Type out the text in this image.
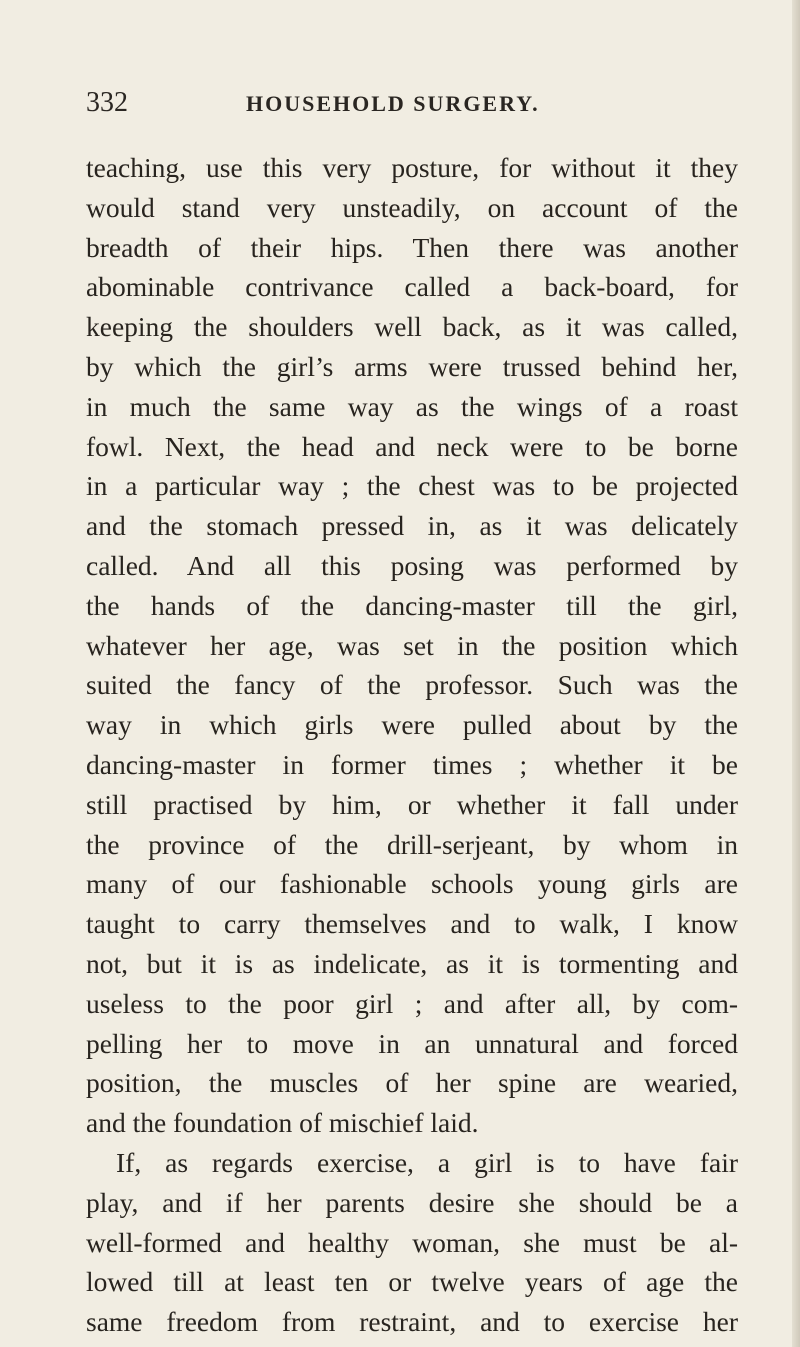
332	HOUSEHOLD SURGERY.
teaching, use this very posture, for without it they
would stand very unsteadily, on account of the
breadth of their hips. Then there was another
abominable contrivance called a back-board, for
keeping the shoulders well back, as it was called,
by which the girl’s arms were trussed behind her,
in much the same way as the wings of a roast
fowl. Next, the head and neck were to be borne
in a particular way ; the chest was to be projected
and the stomach pressed in, as it was delicately
called. And all this posing was performed by
the hands of the dancing-master till the girl,
whatever her age, was set in the position which
suited the fancy of the professor. Such was the
way in which girls were pulled about by the
dancing-master in former times ; whether it be
still practised by him, or whether it fall under
the province of the drill-serjeant, by whom in
many of our fashionable schools young girls are
taught to carry themselves and to walk, I know
not, but it is as indelicate, as it is tormenting and
useless to the poor girl ; and after all, by com-
pelling her to move in an unnatural and forced
position, the muscles of her spine are wearied,
and the foundation of mischief laid.
If, as regards exercise, a girl is to have fair
play, and if her parents desire she should be a
well-formed and healthy woman, she must be al-
lowed till at least ten or twelve years of age the
same freedom from restraint, and to exercise her
